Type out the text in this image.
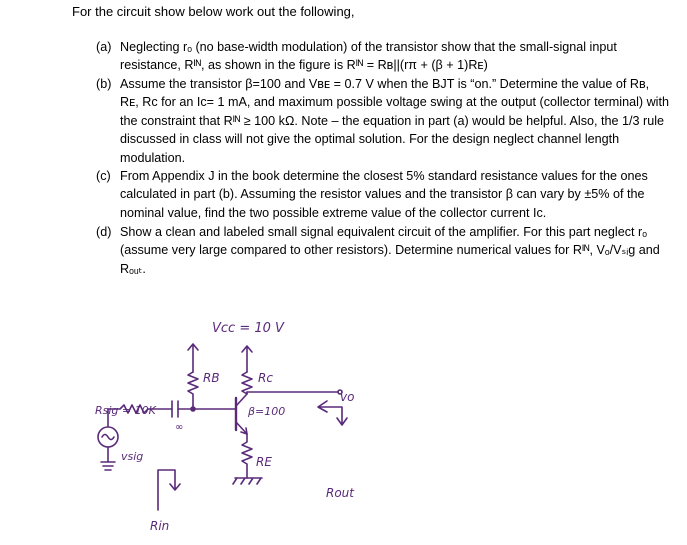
For the circuit show below work out the following,
(a) Neglecting rₒ (no base-width modulation) of the transistor show that the small-signal input resistance, Rᴵᴺ, as shown in the figure is Rᴵᴺ = Rʙ||(rπ + (β + 1)Rᴇ)
(b) Assume the transistor β=100 and Vʙᴇ = 0.7 V when the BJT is “on.” Determine the value of Rʙ, Rᴇ, Rᴄ for an Iᴄ= 1 mA, and maximum possible voltage swing at the output (collector terminal) with the constraint that Rᴵᴺ ≥ 100 kΩ. Note – the equation in part (a) would be helpful. Also, the 1/3 rule discussed in class will not give the optimal solution. For the design neglect channel length modulation.
(c) From Appendix J in the book determine the closest 5% standard resistance values for the ones calculated in part (b). Assuming the resistor values and the transistor β can vary by ±5% of the nominal value, find the two possible extreme value of the collector current Iᴄ.
(d) Show a clean and labeled small signal equivalent circuit of the amplifier. For this part neglect rₒ (assume very large compared to other resistors). Determine numerical values for Rᴵᴺ, Vₒ/Vₛᵢg and Rₒᵤₜ.
Vcc = 10 V
RB	Rc
β=100
RE
Rsig = 10K
vsig
vo
Rin
Rout
∞
